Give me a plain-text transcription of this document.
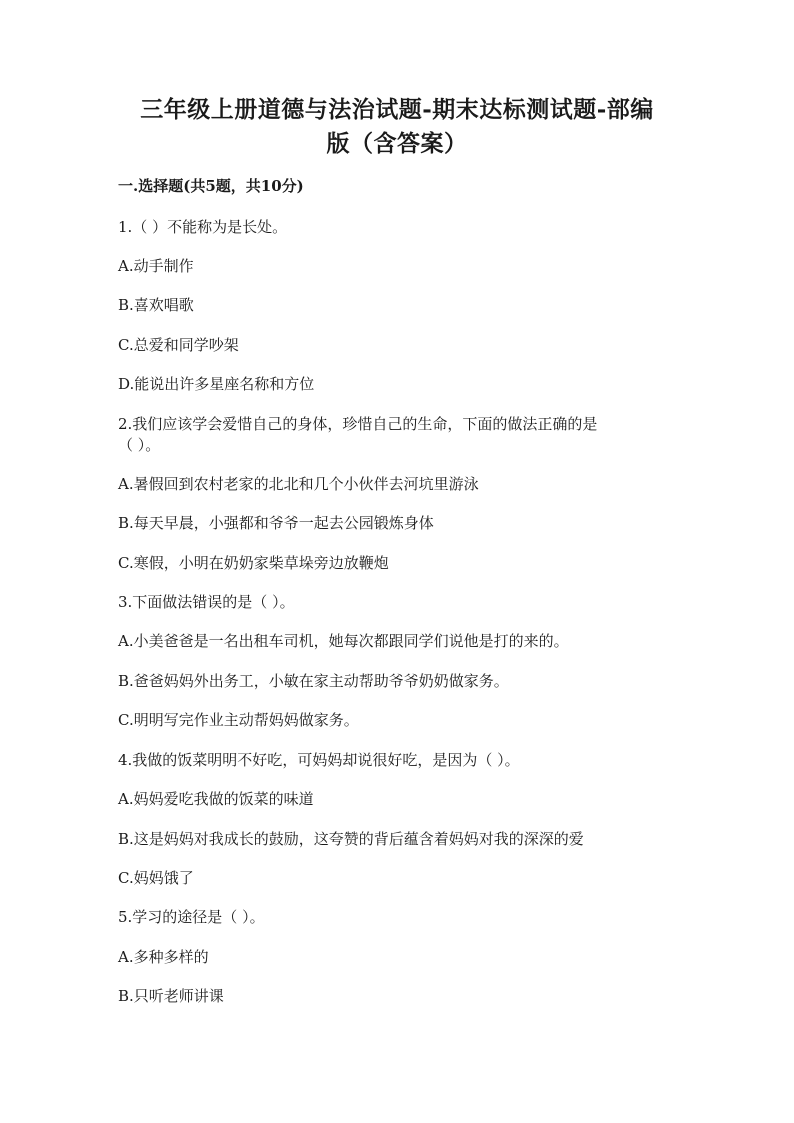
三年级上册道德与法治试题-期末达标测试题-部编
版（含答案）
一.选择题(共5题，共10分)
1.（ ）不能称为是长处。
A.动手制作
B.喜欢唱歌
C.总爱和同学吵架
D.能说出许多星座名称和方位
2.我们应该学会爱惜自己的身体，珍惜自己的生命，下面的做法正确的是
（ ）。
A.暑假回到农村老家的北北和几个小伙伴去河坑里游泳
B.每天早晨，小强都和爷爷一起去公园锻炼身体
C.寒假，小明在奶奶家柴草垛旁边放鞭炮
3.下面做法错误的是（ ）。
A.小美爸爸是一名出租车司机，她每次都跟同学们说他是打的来的。
B.爸爸妈妈外出务工，小敏在家主动帮助爷爷奶奶做家务。
C.明明写完作业主动帮妈妈做家务。
4.我做的饭菜明明不好吃，可妈妈却说很好吃，是因为（ ）。
A.妈妈爱吃我做的饭菜的味道
B.这是妈妈对我成长的鼓励，这夸赞的背后蕴含着妈妈对我的深深的爱
C.妈妈饿了
5.学习的途径是（ ）。
A.多种多样的
B.只听老师讲课
